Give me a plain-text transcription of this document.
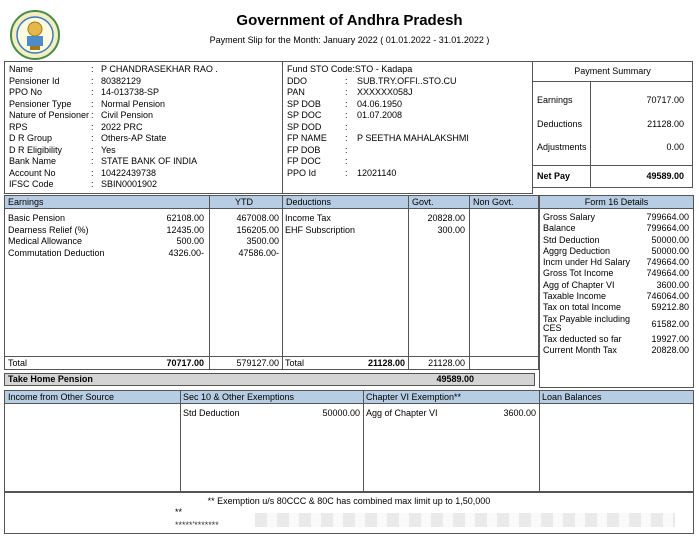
Government of Andhra Pradesh
Payment Slip for the Month: January 2022 ( 01.01.2022 - 31.01.2022 )
Name	: P CHANDRASEKHAR RAO .
Pensioner Id	: 80382129
PPO No	: 14-013738-SP
Pensioner Type	: Normal Pension
Nature of Pensioner : Civil Pension
RPS	: 2022 PRC
D R Group	: Others-AP State
D R Eligibility	: Yes
Bank Name	: STATE BANK OF INDIA
Account No	: 10422439738
IFSC Code	: SBIN0001902
Fund STO Code : STO - Kadapa
DDO	:	SUB.TRY.OFFI..STO.CU
PAN	:	XXXXXX058J
SP DOB	:	04.06.1950
SP DOC	:	01.07.2008
SP DOD	:
FP NAME	:	P SEETHA MAHALAKSHMI
FP DOB	:
FP DOC	:
PPO Id	:	12021140
Payment Summary
Earnings	70717.00
Deductions	21128.00
Adjustments	0.00
Net Pay	49589.00
Earnings	YTD	Deductions	Govt.	Non Govt.
Basic Pension	62108.00	467008.00
Dearness Relief (%)	12435.00	156205.00
Medical Allowance	500.00	3500.00
Commutation Deduction	4326.00-	47586.00-
Income Tax	20828.00
EHF Subscription	300.00
Total	70717.00	579127.00 Total	21128.00	21128.00
Take Home Pension	49589.00
Form 16 Details
Gross Salary	799664.00
Balance	799664.00
Std Deduction	50000.00
Aggrg Deduction	50000.00
Incm under Hd Salary 749664.00
Gross Tot Income	749664.00
Agg of Chapter VI	3600.00
Taxable Income	746064.00
Tax on total Income	59212.80
Tax Payable including CES	61582.00
Tax deducted so far	19927.00
Current Month Tax	20828.00
Income from Other Source	Sec 10 & Other Exemptions	Chapter VI Exemption**	Loan Balances
Std Deduction	50000.00 Agg of Chapter VI	3600.00
** Exemption u/s 80CCC & 80C has combined max limit up to 1,50,000
**
*****'*******
